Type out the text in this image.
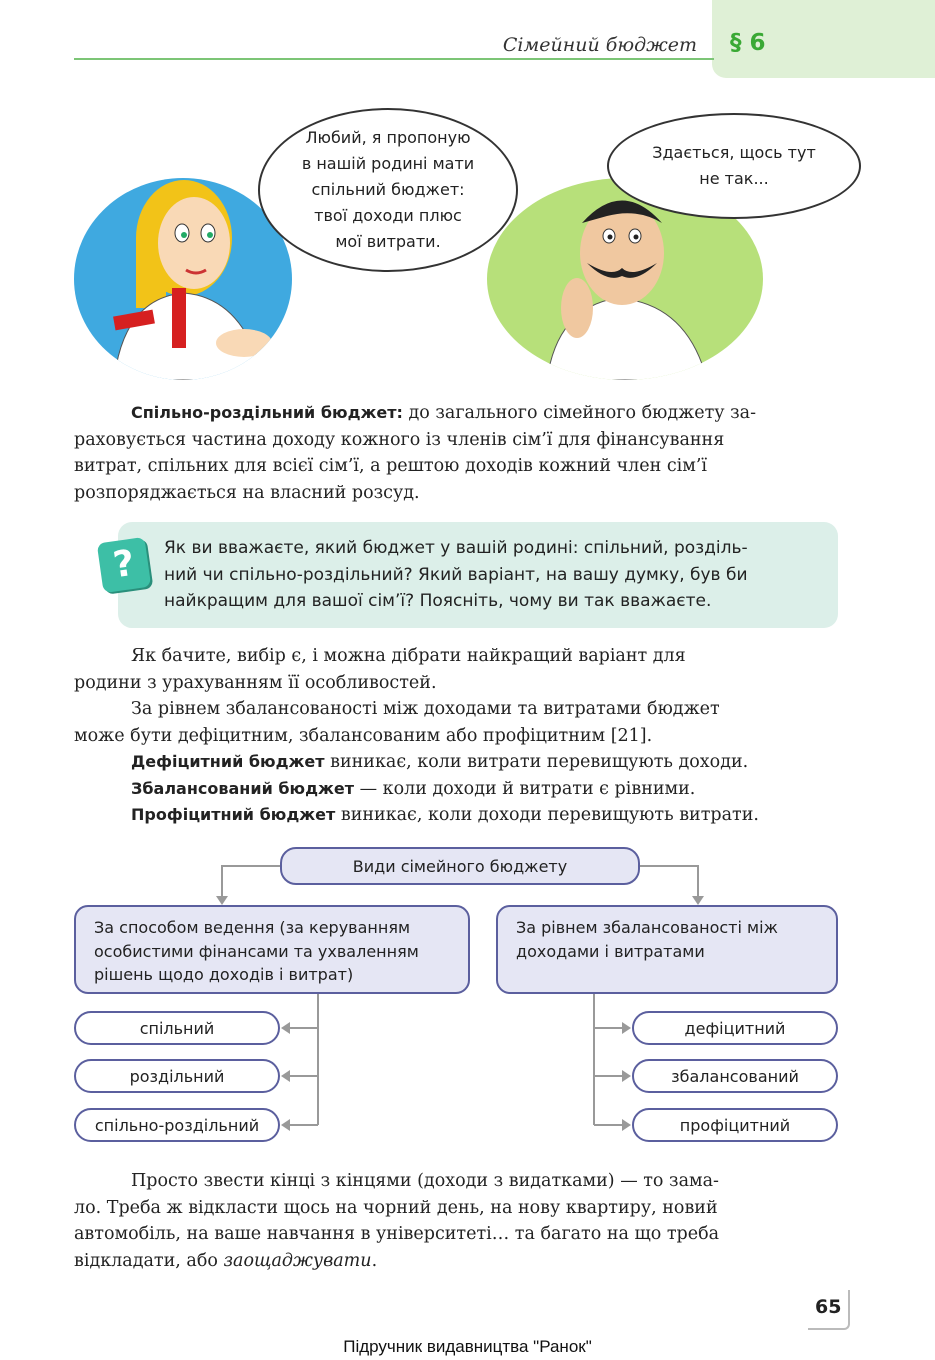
Сімейний бюджет § 6
Любий, я пропоную
в нашій родині мати
спільний бюджет:
твої доходи плюс
мої витрати.
Здається, щось тут
не так...
Спільно-роздільний бюджет: до загального сімейного бюджету за-
раховується частина доходу кожного із членів сім’ї для фінансування
витрат, спільних для всієї сім’ї, а рештою доходів кожний член сім’ї
розпоряджається на власний розсуд.
?	Як ви вважаєте, який бюджет у вашій родині: спільний, розділь-
ний чи спільно-роздільний? Який варіант, на вашу думку, був би
найкращим для вашої сім’ї? Поясніть, чому ви так вважаєте.
Як бачите, вибір є, і можна дібрати найкращий варіант для
родини з урахуванням її особливостей.
За рівнем збалансованості між доходами та витратами бюджет
може бути дефіцитним, збалансованим або профіцитним [21].
Дефіцитний бюджет виникає, коли витрати перевищують доходи.
Збалансований бюджет — коли доходи й витрати є рівними.
Профіцитний бюджет виникає, коли доходи перевищують витрати.
Види сімейного бюджету
За способом ведення (за керуванням особистими фінансами та ухваленням рішень щодо доходів і витрат)
За рівнем збалансованості між доходами і витратами
спільний
роздільний
спільно-роздільний
дефіцитний
збалансований
профіцитний
Просто звести кінці з кінцями (доходи з видатками) — то зама-
ло. Треба ж відкласти щось на чорний день, на нову квартиру, новий
автомобіль, на ваше навчання в університеті… та багато на що треба
відкладати, або заощаджувати.
65
Підручник видавництва "Ранок"
